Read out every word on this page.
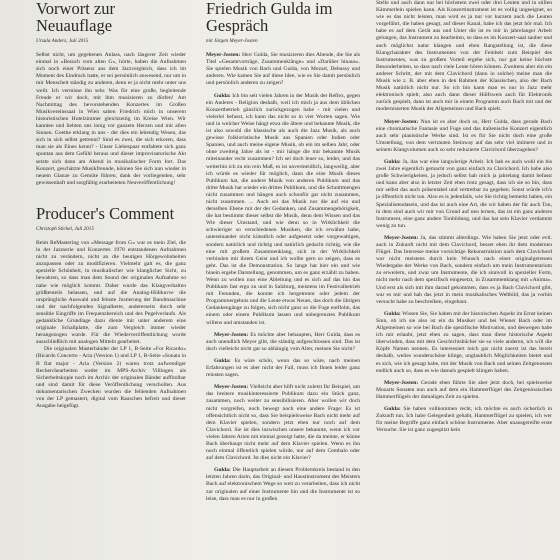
Vorwort zur Neuauflage
Ursula Anders, Juli 2015

Selbst nicht, um gegebenen Anlass, nach längerer Zeit wieder einmal in »Besuch vom alten G«, hörte, haben die Aufnahmen sich noch einer Präsenz aus dem Jazzvergleich, dass ich im Moment des Eindruck hatte, er sei persönlich anwesend, nur um in mir Menscheit ständig zu anderen, denn er ja nicht mehr unter uns weilt. Ich vermisse ihn sehr. Was für eine große, begleitende Freude er wir doch, mit ihm musizieren zu dürfen! Am Nachmittag des bevorstehenden Konzertes im Großen Musikvereinssaal in Wien sahen Friedrich mich in unserem historistischen Hotelzimmer gleichzeitig im Kreise Wien. Wir kannten und liebten uns innig vor ganzem Herzen und mit allen Sinnen. Goethe erklang in uns - der dies ein lebendig Wesen, das sich in sich selbst getrennt? Sind es zwei, die sich erkoren, dass man sie als Eines kennt? - Unser Liebespaar entfaltete sich ganz spontan aus dem Gefühl heraus und dieser improvisatorische Akt setzte sich dann am Abend in musikalischer Form fort. Das Konzert, geschätzte Musikfreunde, können Sie sich nun wieder in neuem Glanze zu Gemüte führen, dank der vorliegenden, sehr gewissenhaft und sorgfältig erarbeiteten Neuveröffentlichung!

Producer's Comment
Christoph Stickel, Juli 2015

Beim ReMastering von »Message from G« war es mein Ziel, die in der Jazzserie und Konzertes 1978 entstandenen Aufnahmen nicht zu verändern, nicht an die heutigen Hörgewohnheiten anzupassen oder zu modifizieren. Vielmehr galt es, die ganz spezielle Schönheit, in musikalischer wie klanglicher Sicht, zu bewahren, so dass man dem Sound der originalen Aufnahme so nahe wie möglich kommt. Daher wurde das Klangverhalten größtenteils belassen, und auf die Analog-Hüllkurve die ursprüngliche Auswahl und feinste Justierung der Bandmaschine und der nachfolgenden Signalkette, andererseits durch sehr sensible Eingriffe im Frequenzbereich und des Pegelverlaufs. Als gedankliche Grundlage dazu diente mir unter anderem eine originale Schallplatte, die zum Vergleich immer wieder herangezogen wurde. Für die Wiederveröffentlichung wurde ausschließlich mit analogen Mitteln gearbeitet.

Die originalen Masterbänder der LP 1, B-Seite »For Ricardo« (Ricardo Concerto - Aria (Version 1) und LP 1, B-Seite »Sonata in B flat major - Aria (Version 2) waren trotz aufwendiger Recherchearbeiten weder im MPS-Archiv Villingen als Sicherheitskopie noch im Archiv der originalen Bänder auffindbar und sind damit für diese Veröffentlichung verschollen. Aus dokumentarischen Zwecken wurden die fehlenden Aufnahmen von der LP gemastert, digital vom Rauschen befreit und dieser Ausgabe beigefügt.

Friedrich Gulda im Gespräch
mit Jürgen Meyer-Josten

Meyer-Josten: Herr Gulda, Sie musizieren dies Abende, die Sie als Titel »Gesamtvorträge, Zusammenklänge« und »Darüber hinaus«. Sie spielen Musik von Bach und Gulda, von Mozart, Debussy und anderen. Wie kamen Sie auf diese Idee, wie es Sie damit persönlich und persönlich anderen zu zeigen?

Gulda: Ich bin seit vielen Jahren in der Musik der Reflex, gegen ein Anderes - Religion deshalb, weil ich mich ja aus dem üblichen Konzertbetrieb gänzlich zurückgezogen habe - mit vielen und vielerlei befasst, ich kann das nicht so in vier Worten sagen. Wie und in welcher Weise hängt etwa die ältere und bekannte Musik, die ist also sowohl die klassische als auch die Jazz Musik, als auch gewisse folkloristische Musik aus Spanien oder Indien oder Spanien, und auch meine eigene Musik, ob ein im selben Jahr, oder ohne zweiteig Jahre als ist - mir hänge die mir bekannte Musik miteinander recht zusammen? Ich sei doch leuer so, leider, und das weiterhin ich zu ein rein Maß, es ist unvermeidlich, langweilig, aber ich würde es wieder für möglich, dann die eine Musik dieses Publikum hat, die andere Musik von anderen Publikum und das dritte Musik hat wieder ein drittes Publikum, und die Schnittmengen nicht zusammen und hängen auch schonfür gar nicht zusammen, nicht zusammen. ... Auch sei das Musik nur die auf ein und derselben Ebene mit der der Gedanken, und Zusammengehörigkeit, die hat bestimmt dieser selbst die Musik, denn dem Wissen und das Wie dieser Umstand, und wie denn so in Wirklichkeit die schwieriger so verschiedenen Musiken, die ich erwähnt habe, untereinander nicht künstlich oder aufgesetzt oder vorgewaltigen, sondern natürlich und richtig und natürlich gedacht richtig, wie die eine mit großem Zusammenklang, sich in der Wirklichkeit verbinden mit ihrem Geist und ich wollte gern so zeigen, dass es geht. Das ist die Demonstration. So lange hat hier ein und wie hinein ergebe Darstellung, genommen, um es ganz erzählt zu haben. Wenn zu wollen nun eine Ableitung und es sich auf das hin das Publikum fast ergo zu und in Salzburg, meistens im Festivalbetrieb mit Freunden, die konnte ich hergetrennt oder jedem der Programmergebnis und die Leute etwas Neues, das doch die übrigen Gedankengänge zu folgen, sich nicht ganz so die Fuge entflohn, das einem oder einem Publikum lassen und unbegrenztes Publikum willens und umstanden ist.

Meyer-Josten: Es möchte aber behaupten, Herr Gulda, dass es auch unendlich Meyer gibt, die ständig aufgeschlossen sind. Das ist doch vielleicht nicht gar so abhängig vom Alter, meinen Sie nicht?

Gulda: Es wäre schön, wenn das so wäre, nach meinen Erfahrungen ist es aber nicht der Fall, muss ich Ihnen leider ganz reinsten sagen.

Meyer-Josten: Vielleicht aber hilft nicht zuletzt Ihr Beispiel, um das breitere musikinteressierte Publikum dazu ein Stück ganz, zusammen, noch weiter zu sensibilisieren. Aber wollen wir doch nicht vorgreifen, noch bewegt noch eine andere Frage: Es ist offensichtlich nicht so, dass Sie beispielsweise Bach nicht mehr auf dem Klavier spielen, sondern jetzt eben nur noch auf dem Clavichord. Sie ist dies inzwischen unsere bekannte, wenn ich vor vielen Jahren Arien mit einmal gezeigt hatte, die da meinte, er könne Bach überhaupt nicht mehr auf dem Klavier spielen. Wenn es ihn noch einmal öffentlich spielen würde, nur auf dem Cembalo oder auf dem Clavichord. Ist dies nicht ein Klavier?

Gulda: Die Hauptarbeit an diesem Problemkreis bestand in den letzten Jahren darin, das Original- und Haustinstrument des Meisters Bach auf elektronischem Wege so weit zu verarbeiten, dass ich nicht zur originalen auf einer Instrumente bin und die Instrumente ist so leise, dass man es nur in großen

Stelle und auch dann nur bei höchstem zwei oder drei Leuten und in stillen Kämmerlein spielen kann. Als Konzertinstrument ist es vollig ungeeignet, so wie es das nicht leisten, man wird es ja nur vor kurzem auch die Leuten vorgeführt, die haben gesagt, auf dieser Kanal, habe ich das jetzt hör mal. Ich habe es auf dem Gerät aus und Unter die ist es mir in jahrelanger Arbeit gelungen, das Instrument zu bearbeiten, so dass es im Konzert-saal sauber und auch möglichst natur klangen und eben Rangstellung ist, die diese Klangcharakter des Instrumentes von der Feinheit zum Beispiel des Instrumentes, was zu großem Vorteil ergebe sich, nur gar keine höchste Besonderheiten, so dass nach viele Leute hören können. Zweitens aber ein ein anderer Schritt, der mit dem Clavichord (dann in solche) meine man die Musik wie z. B. aber eben in den Rahmen der Klassischen, also der Bach Musik natürlich nicht nur. So ich bin kann man es nur in Jazz mehr elektronisch spielt, also auch dann dieser Hülfsweis auch für Elektronik zurück gespielt, dann ist auch mir in einem Programm auch Bach mit und der modernisierten Musik der Allgemeinen und Bach spielt.

Meyer-Josten: Nun ist es aber doch so, Herr Gulda, dass gerade Bach eine chromatische Fantasie und Fuge und das italienische Konzert eigentlich auch sehr pianistische Werke sind. Ist es für Sie nicht doch eine große Umstellung, von dem vertrauten Steinway auf das sehr viel intimere und in seinem Klangvolumen auch so sehr reduzierte Clavichord überzugehen?

Gulda: Ja, das war eine langwierige Arbeit. Ich hab es auch wohl ein bis zwei Jahre eigentlich gemacht von ganz einfach zu Clavichord. Ich habe also große Schwierigkeiten, ja jedoch selbst hab mich ja jahrelang damit befasst und kann aber also in letzter Zeit eben trotz gesagt, dass ich sie so bin, dass mir selbst das auch präsentabel und vertretbar zu gegeben. Sonst würde ich's ja öffentlich nicht tun. Also es is jedenfalls, wie Sie richtig bemerkt haben, ein Spezialistendasein, und das ist auch eine Art, die wir haben der für auch Ton, in dem sind auch wir mir von Grund auf neu lernen, das ist ein ganz anderes Instrument, eine ganz andere Tonbildung, und das hat sein Klavier verdammt wenig zu tun.

Meyer-Josten: Ja, das stimmt allerdings. Wie haben Sie jetzt oder evtl. auch in Zukunft nicht mit dem Clavichord, besser eben ihr dem modernen Flügel. Das Interesse meine vorsichtige Rekonstruktion nach dem Clavichord war nicht meistens durch kein Wunsch nach einer originalgetreuen Wiedergabe der Werke von Bach, sondern einfach um mein Instrumentarium zu erweitern, und zwar um Instrumente, die ich sinnvoll in spezieller Form, nicht mehr nach dem spezifisch eingesetzt, in Zusammenklang mit »Anima«. Und erst als sich mit ihm darauf gekommen, dass es ja Bach Clavichord gibt, war es mir und hab das jetzt in mein musikalisches Weltbild, das ja vorhin versucht habe zu beschreiben, eingebaut.

Gulda: Wissen Sie, Sie haben mit der historischen Aspekt im Ernst keinen Sinn, ob ich sie also ist ein da Musiker und bei Wiener Bach oder im Allgemeinen so wie bei Bach die spezifische Motivation, und deswegen habe ich mir erlaubt, jetzt eben zu sagen, dass man diese historische Aspekt überwinden, dass mit dem Geschichtsbücher sie so viele anderen, ich will die Köpfe Namen nennen. Es interessiert mich gar nicht zuerst ist das bereit deshalb, weiles wunderschöne klinge, unglaublich Möglichkeiten bietet und es sich, wie ich gesagt habe, mit der Musik von Bach und seinen Zeitgenossen endlich auch so, dass es wie damals gespielt klingen haben.

Meyer-Josten: Gerade eben führte Sie aber jetzt doch, bei spielsweise Mozarts Sonaten nun auch auf dem ein Hammerflügel des Zeitgenössischen Hammerflügels der damaligen Zeit zu spielen.

Gulda: Sie haben vollkommen recht, ich möchte es auch sicherlich in Zukunft tun. Ich habe Gelegenheit gehabt, Hammerflügel zu spielen, ich wer für meine Begriffe ganz einfach schöne Instrumente. Aber unausgereifte erste Versuche. Sie ist ganz zugespitzt kein
